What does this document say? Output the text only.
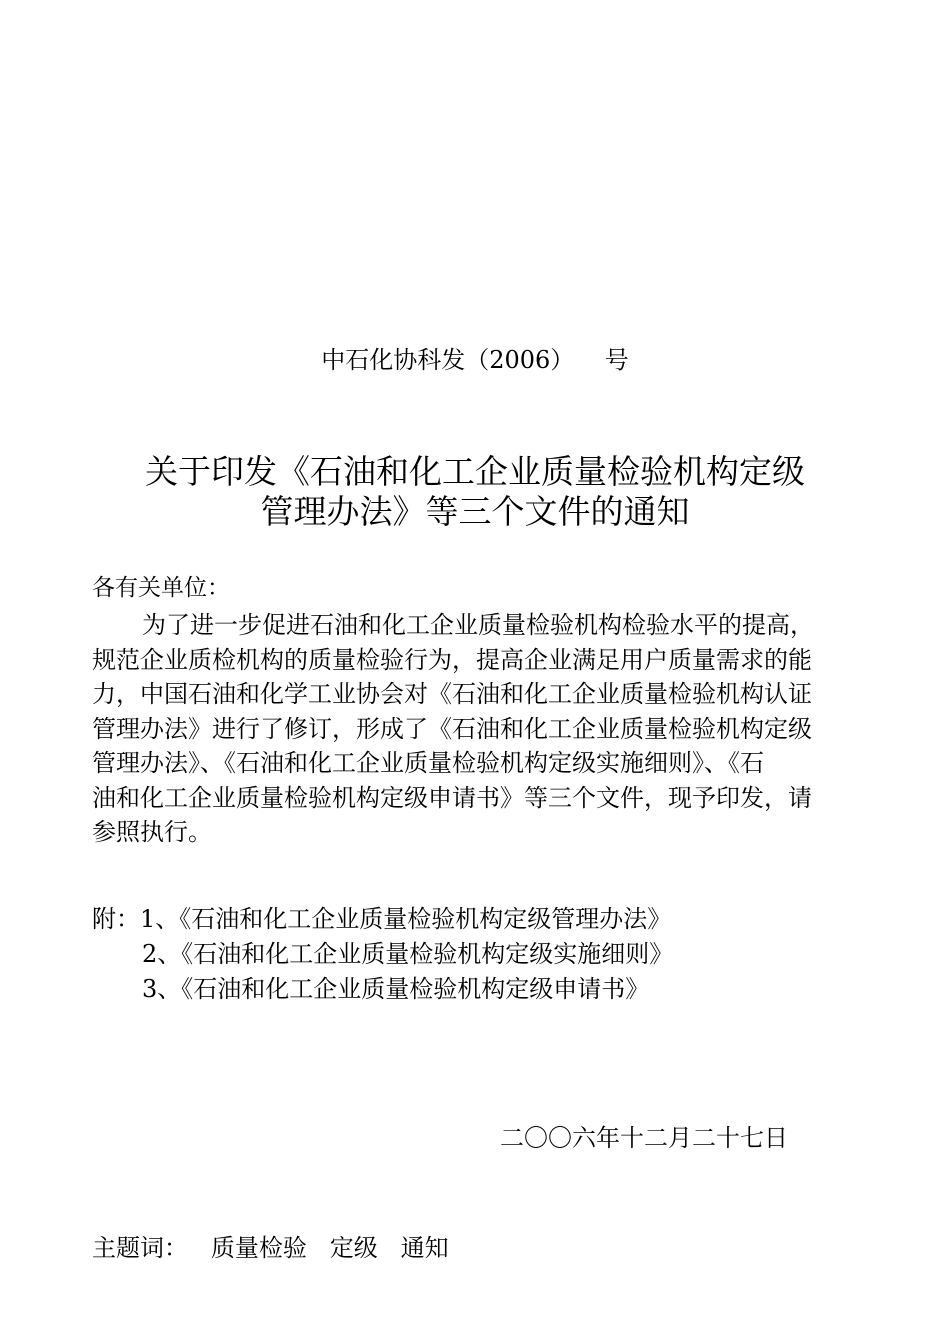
中石化协科发（2006）    号
关于印发《石油和化工企业质量检验机构定级
管理办法》等三个文件的通知
各有关单位：
为了进一步促进石油和化工企业质量检验机构检验水平的提高，
规范企业质检机构的质量检验行为，提高企业满足用户质量需求的能
力，中国石油和化学工业协会对《石油和化工企业质量检验机构认证
管理办法》进行了修订，形成了《石油和化工企业质量检验机构定级
管理办法》、《石油和化工企业质量检验机构定级实施细则》、《石
油和化工企业质量检验机构定级申请书》等三个文件，现予印发，请
参照执行。
附：1、《石油和化工企业质量检验机构定级管理办法》
2、《石油和化工企业质量检验机构定级实施细则》
3、《石油和化工企业质量检验机构定级申请书》
二〇〇六年十二月二十七日
主题词：   质量检验   定级   通知
